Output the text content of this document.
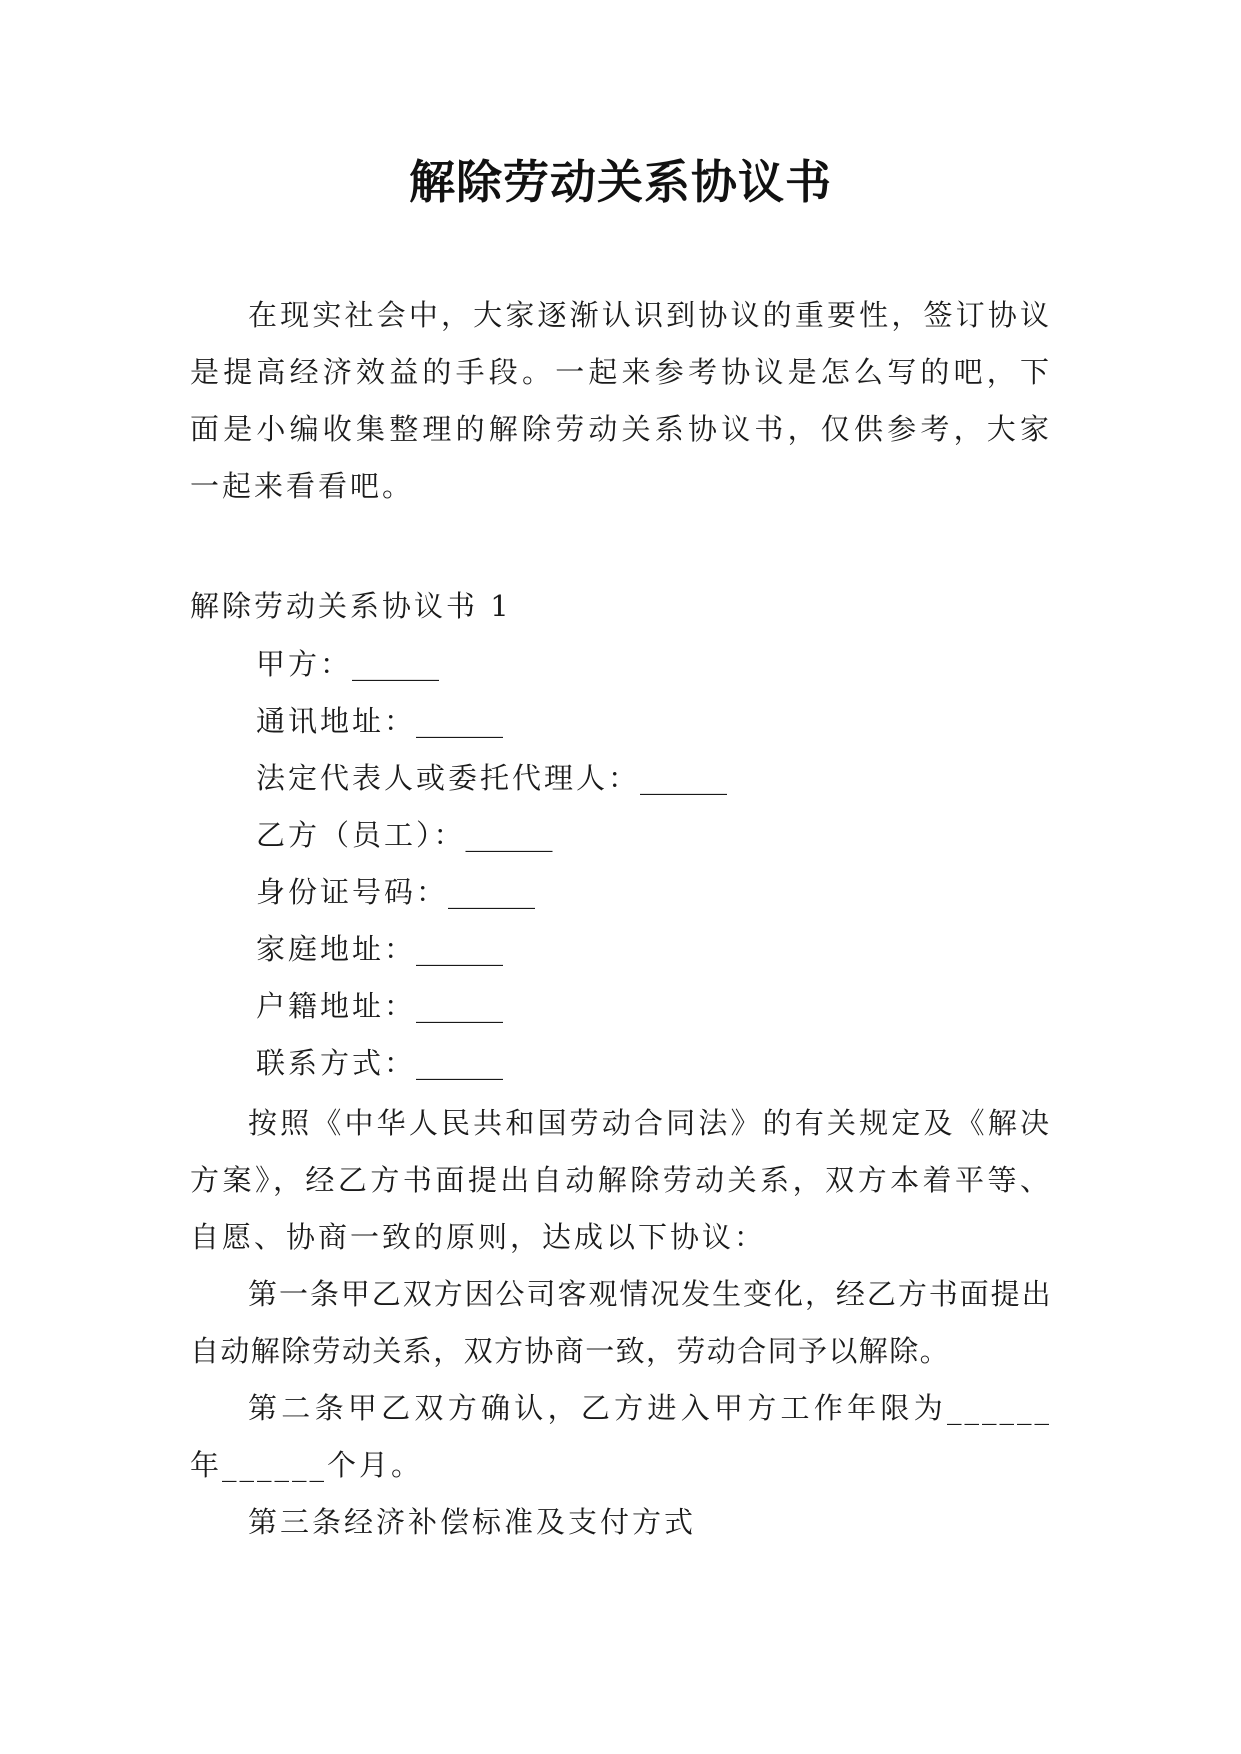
解除劳动关系协议书

在现实社会中，大家逐渐认识到协议的重要性，签订协议是提高经济效益的手段。一起来参考协议是怎么写的吧，下面是小编收集整理的解除劳动关系协议书，仅供参考，大家一起来看看吧。

解除劳动关系协议书 1

甲方：______

通讯地址：______

法定代表人或委托代理人：______

乙方（员工）：______

身份证号码：______

家庭地址：______

户籍地址：______

联系方式：______

按照《中华人民共和国劳动合同法》的有关规定及《解决方案》，经乙方书面提出自动解除劳动关系，双方本着平等、自愿、协商一致的原则，达成以下协议：

第一条甲乙双方因公司客观情况发生变化，经乙方书面提出自动解除劳动关系，双方协商一致，劳动合同予以解除。

第二条甲乙双方确认，乙方进入甲方工作年限为______年______个月。

第三条经济补偿标准及支付方式
